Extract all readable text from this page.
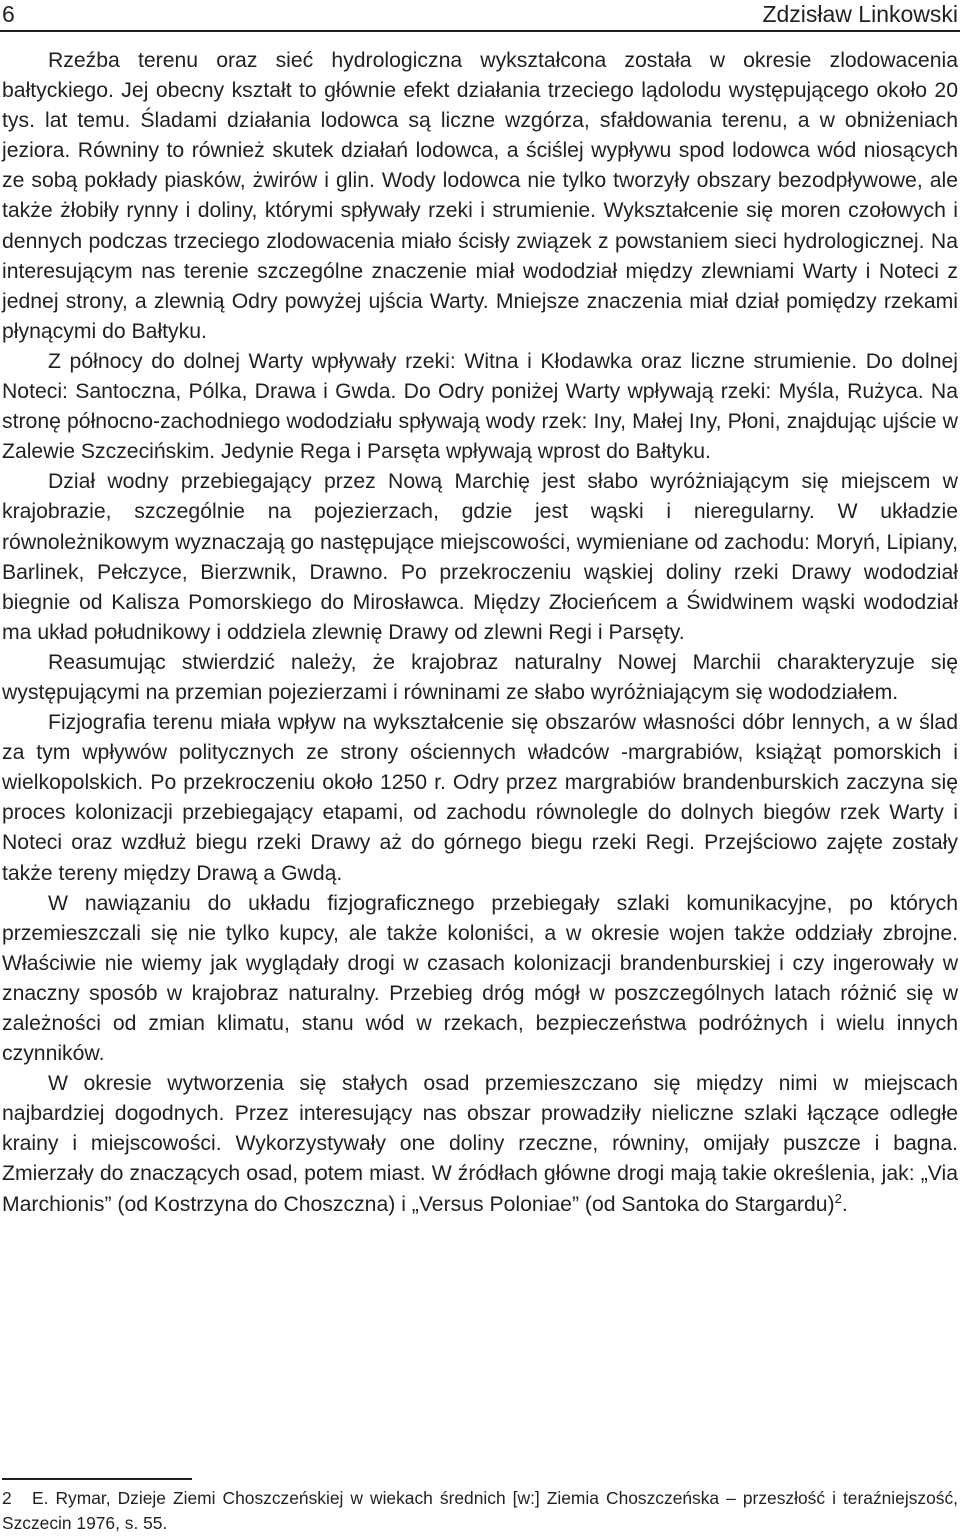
6	Zdzisław Linkowski

Rzeźba terenu oraz sieć hydrologiczna wykształcona została w okresie zlodowacenia bałtyckiego. Jej obecny kształt to głównie efekt działania trzeciego lądolodu występującego około 20 tys. lat temu. Śladami działania lodowca są liczne wzgórza, sfałdowania terenu, a w obniżeniach jeziora. Równiny to również skutek działań lodowca, a ściślej wypływu spod lodowca wód niosących ze sobą pokłady piasków, żwirów i glin. Wody lodowca nie tylko tworzyły obszary bezodpływowe, ale także żłobiły rynny i doliny, którymi spływały rzeki i strumienie. Wykształcenie się moren czołowych i dennych podczas trzeciego zlodowacenia miało ścisły związek z powstaniem sieci hydrologicznej. Na interesującym nas terenie szczególne znaczenie miał wododział między zlewniami Warty i Noteci z jednej strony, a zlewnią Odry powyżej ujścia Warty. Mniejsze znaczenia miał dział pomiędzy rzekami płynącymi do Bałtyku.

Z północy do dolnej Warty wpływały rzeki: Witna i Kłodawka oraz liczne strumienie. Do dolnej Noteci: Santoczna, Pólka, Drawa i Gwda. Do Odry poniżej Warty wpływają rzeki: Myśla, Rużyca. Na stronę północno-zachodniego wododziału spływają wody rzek: Iny, Małej Iny, Płoni, znajdując ujście w Zalewie Szczecińskim. Jedynie Rega i Parsęta wpływają wprost do Bałtyku.

Dział wodny przebiegający przez Nową Marchię jest słabo wyróżniającym się miejscem w krajobrazie, szczególnie na pojezierzach, gdzie jest wąski i nieregularny. W układzie równoleżnikowym wyznaczają go następujące miejscowości, wymieniane od zachodu: Moryń, Lipiany, Barlinek, Pełczyce, Bierzwnik, Drawno. Po przekroczeniu wąskiej doliny rzeki Drawy wododział biegnie od Kalisza Pomorskiego do Mirosławca. Między Złocieńcem a Świdwinem wąski wododział ma układ południkowy i oddziela zlewnię Drawy od zlewni Regi i Parsęty.

Reasumując stwierdzić należy, że krajobraz naturalny Nowej Marchii charakteryzuje się występującymi na przemian pojezierzami i równinami ze słabo wyróżniającym się wododziałem.

Fizjografia terenu miała wpływ na wykształcenie się obszarów własności dóbr lennych, a w ślad za tym wpływów politycznych ze strony ościennych władców -margrabiów, książąt pomorskich i wielkopolskich. Po przekroczeniu około 1250 r. Odry przez margrabiów brandenburskich zaczyna się proces kolonizacji przebiegający etapami, od zachodu równolegle do dolnych biegów rzek Warty i Noteci oraz wzdłuż biegu rzeki Drawy aż do górnego biegu rzeki Regi. Przejściowo zajęte zostały także tereny między Drawą a Gwdą.

W nawiązaniu do układu fizjograficznego przebiegały szlaki komunikacyjne, po których przemieszczali się nie tylko kupcy, ale także koloniści, a w okresie wojen także oddziały zbrojne. Właściwie nie wiemy jak wyglądały drogi w czasach kolonizacji brandenburskiej i czy ingerowały w znaczny sposób w krajobraz naturalny. Przebieg dróg mógł w poszczególnych latach różnić się w zależności od zmian klimatu, stanu wód w rzekach, bezpieczeństwa podróżnych i wielu innych czynników.

W okresie wytworzenia się stałych osad przemieszczano się między nimi w miejscach najbardziej dogodnych. Przez interesujący nas obszar prowadziły nieliczne szlaki łączące odległe krainy i miejscowości. Wykorzystywały one doliny rzeczne, równiny, omijały puszcze i bagna. Zmierzały do znaczących osad, potem miast. W źródłach główne drogi mają takie określenia, jak: „Via Marchionis” (od Kostrzyna do Choszczna) i „Versus Poloniae” (od Santoka do Stargardu)$^2$.

2 E. Rymar, Dzieje Ziemi Choszczeńskiej w wiekach średnich [w:] Ziemia Choszczeńska – przeszłość i teraźniejszość, Szczecin 1976, s. 55.
